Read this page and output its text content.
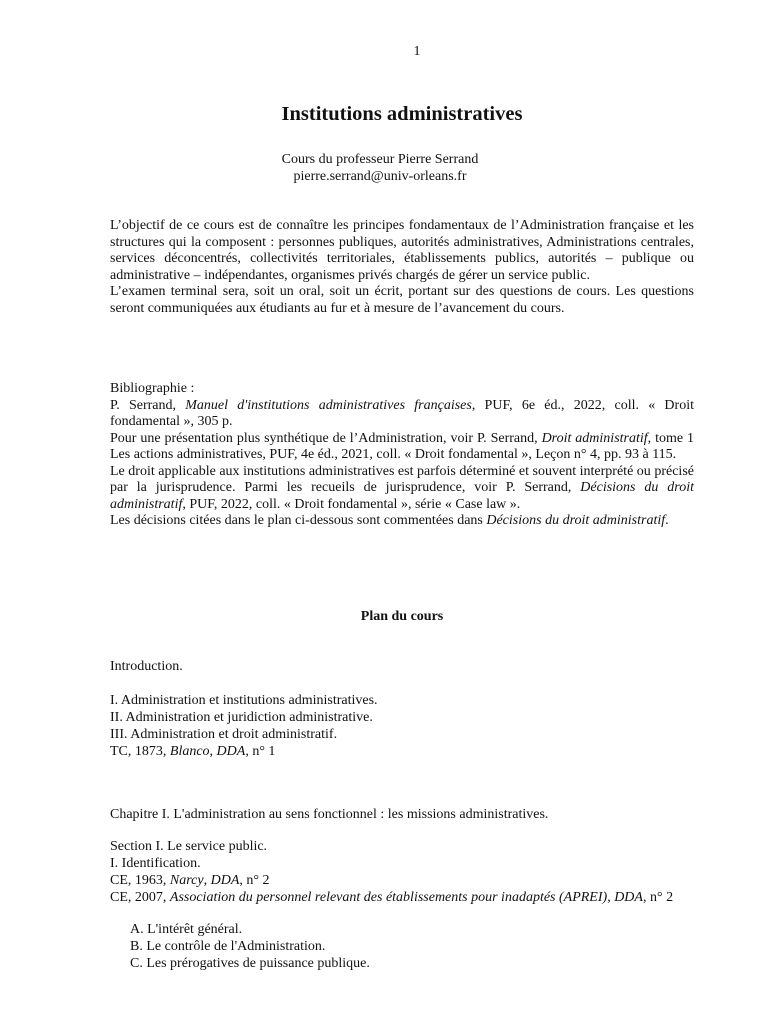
1
Institutions administratives
Cours du professeur Pierre Serrand
pierre.serrand@univ-orleans.fr

L’objectif de ce cours est de connaître les principes fondamentaux de l’Administration française et les structures qui la composent : personnes publiques, autorités administratives, Administrations centrales, services déconcentrés, collectivités territoriales, établissements publics, autorités – publique ou administrative – indépendantes, organismes privés chargés de gérer un service public.

L’examen terminal sera, soit un oral, soit un écrit, portant sur des questions de cours. Les questions seront communiquées aux étudiants au fur et à mesure de l’avancement du cours.

Bibliographie :

P. Serrand, Manuel d'institutions administratives françaises, PUF, 6e éd., 2022, coll. « Droit fondamental », 305 p.

Pour une présentation plus synthétique de l’Administration, voir P. Serrand, Droit administratif, tome 1 Les actions administratives, PUF, 4e éd., 2021, coll. « Droit fondamental », Leçon n° 4, pp. 93 à 115.

Le droit applicable aux institutions administratives est parfois déterminé et souvent interprété ou précisé par la jurisprudence. Parmi les recueils de jurisprudence, voir P. Serrand, Décisions du droit administratif, PUF, 2022, coll. « Droit fondamental », série « Case law ».

Les décisions citées dans le plan ci-dessous sont commentées dans Décisions du droit administratif.

Plan du cours
Introduction.
I. Administration et institutions administratives.
II. Administration et juridiction administrative.
III. Administration et droit administratif.
TC, 1873, Blanco, DDA, n° 1
Chapitre I. L'administration au sens fonctionnel : les missions administratives.
Section I. Le service public.
I. Identification.
CE, 1963, Narcy, DDA, n° 2
CE, 2007, Association du personnel relevant des établissements pour inadaptés (APREI), DDA, n° 2
A. L'intérêt général.
B. Le contrôle de l'Administration.
C. Les prérogatives de puissance publique.
